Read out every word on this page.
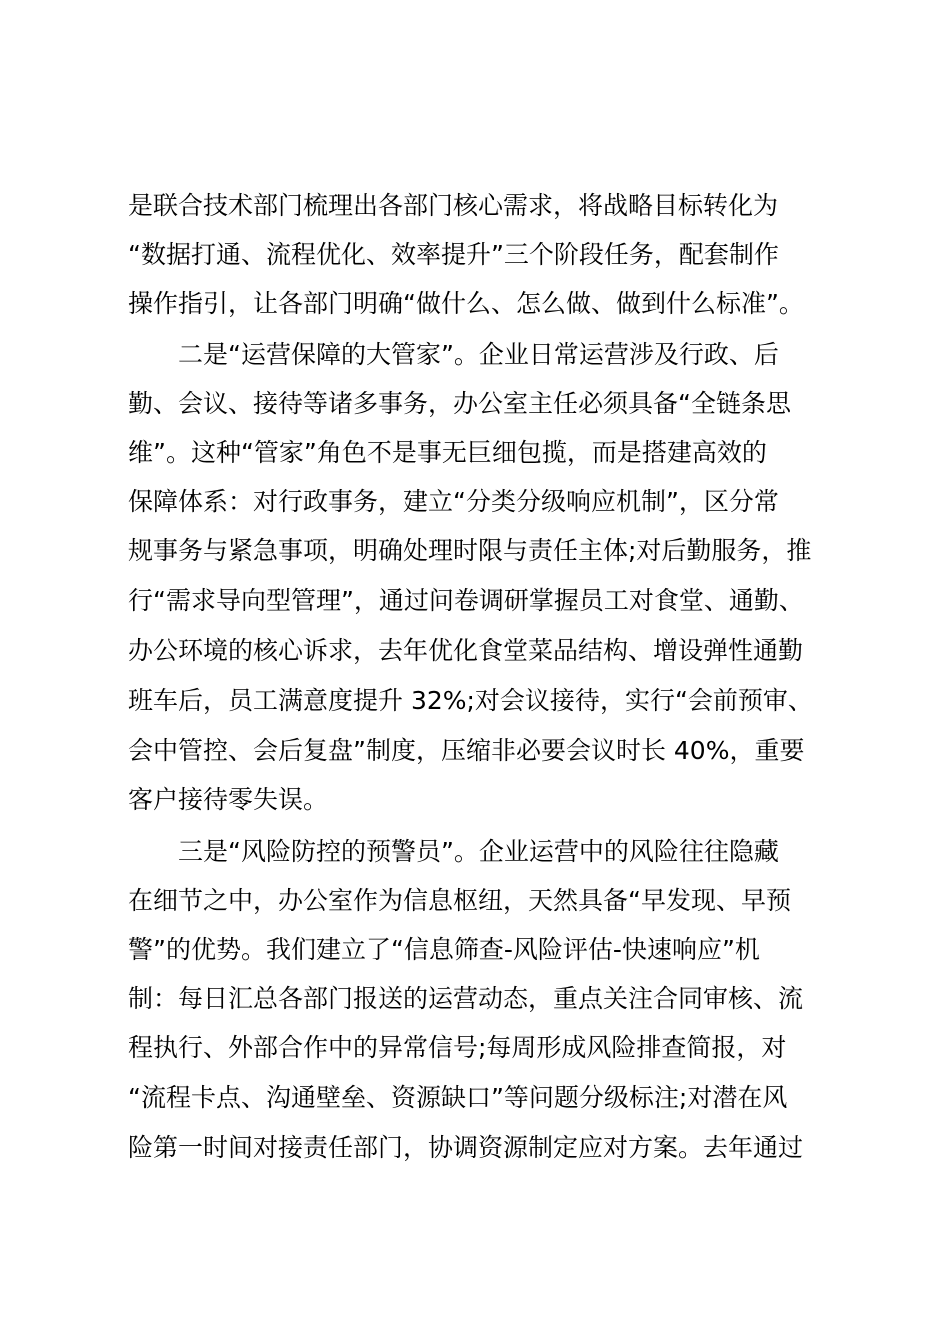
是联合技术部门梳理出各部门核心需求，将战略目标转化为
“数据打通、流程优化、效率提升”三个阶段任务，配套制作
操作指引，让各部门明确“做什么、怎么做、做到什么标准”。
二是“运营保障的大管家”。企业日常运营涉及行政、后
勤、会议、接待等诸多事务，办公室主任必须具备“全链条思
维”。这种“管家”角色不是事无巨细包揽，而是搭建高效的
保障体系：对行政事务，建立“分类分级响应机制”，区分常
规事务与紧急事项，明确处理时限与责任主体;对后勤服务，推
行“需求导向型管理”，通过问卷调研掌握员工对食堂、通勤、
办公环境的核心诉求，去年优化食堂菜品结构、增设弹性通勤
班车后，员工满意度提升 32%;对会议接待，实行“会前预审、
会中管控、会后复盘”制度，压缩非必要会议时长 40%，重要
客户接待零失误。
三是“风险防控的预警员”。企业运营中的风险往往隐藏
在细节之中，办公室作为信息枢纽，天然具备“早发现、早预
警”的优势。我们建立了“信息筛查-风险评估-快速响应”机
制：每日汇总各部门报送的运营动态，重点关注合同审核、流
程执行、外部合作中的异常信号;每周形成风险排查简报，对
“流程卡点、沟通壁垒、资源缺口”等问题分级标注;对潜在风
险第一时间对接责任部门，协调资源制定应对方案。去年通过
